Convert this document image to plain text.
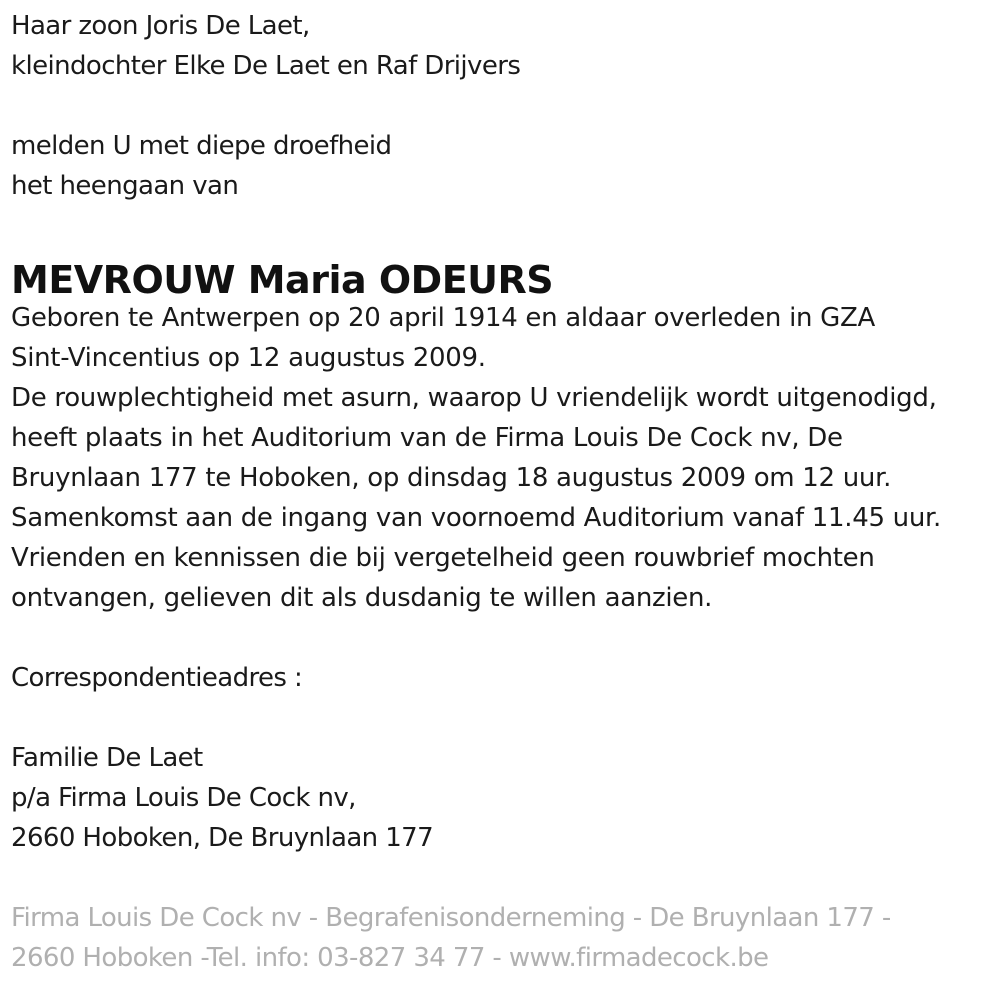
Haar zoon Joris De Laet,
kleindochter Elke De Laet en Raf Drijvers
melden U met diepe droefheid
het heengaan van
MEVROUW Maria ODEURS
Geboren te Antwerpen op 20 april 1914 en aldaar overleden in GZA
Sint-Vincentius op 12 augustus 2009.
De rouwplechtigheid met asurn, waarop U vriendelijk wordt uitgenodigd,
heeft plaats in het Auditorium van de Firma Louis De Cock nv, De
Bruynlaan 177 te Hoboken, op dinsdag 18 augustus 2009 om 12 uur.
Samenkomst aan de ingang van voornoemd Auditorium vanaf 11.45 uur.
Vrienden en kennissen die bij vergetelheid geen rouwbrief mochten
ontvangen, gelieven dit als dusdanig te willen aanzien.
Correspondentieadres :
Familie De Laet
p/a Firma Louis De Cock nv,
2660 Hoboken, De Bruynlaan 177
Firma Louis De Cock nv - Begrafenisonderneming - De Bruynlaan 177 -
2660 Hoboken -Tel. info: 03-827 34 77 - www.firmadecock.be
